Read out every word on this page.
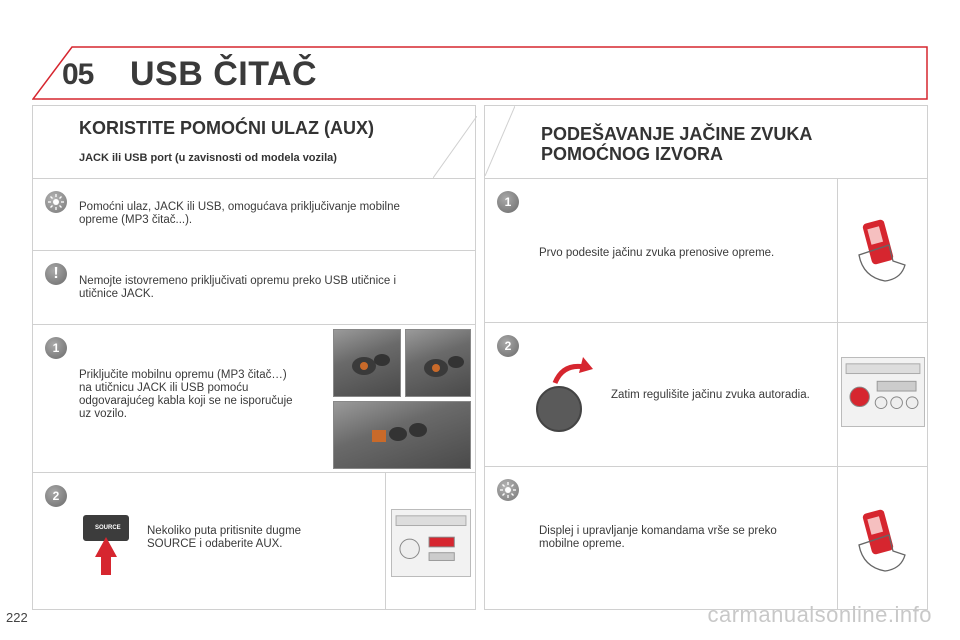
05 USB ČITAČ
KORISTITE POMOĆNI ULAZ (AUX)
JACK ili USB port (u zavisnosti od modela vozila)
Pomoćni ulaz, JACK ili USB, omogućava priključivanje mobilne
opreme (MP3 čitač...).
!	Nemojte istovremeno priključivati opremu preko USB utičnice i
utičnice JACK.
1
Priključite mobilnu opremu (MP3 čitač…)
na utičnicu JACK ili USB pomoću
odgovarajućeg kabla koji se ne isporučuje
uz vozilo.
2
SOURCE Nekoliko puta pritisnite dugme
SOURCE i odaberite AUX.
PODEŠAVANJE JAČINE ZVUKA
POMOĆNOG IZVORA
1
Prvo podesite jačinu zvuka prenosive opreme.
2
Zatim regulišite jačinu zvuka autoradia.
Displej i upravljanje komandama vrše se preko
mobilne opreme.
222	carmanualsonline.info
